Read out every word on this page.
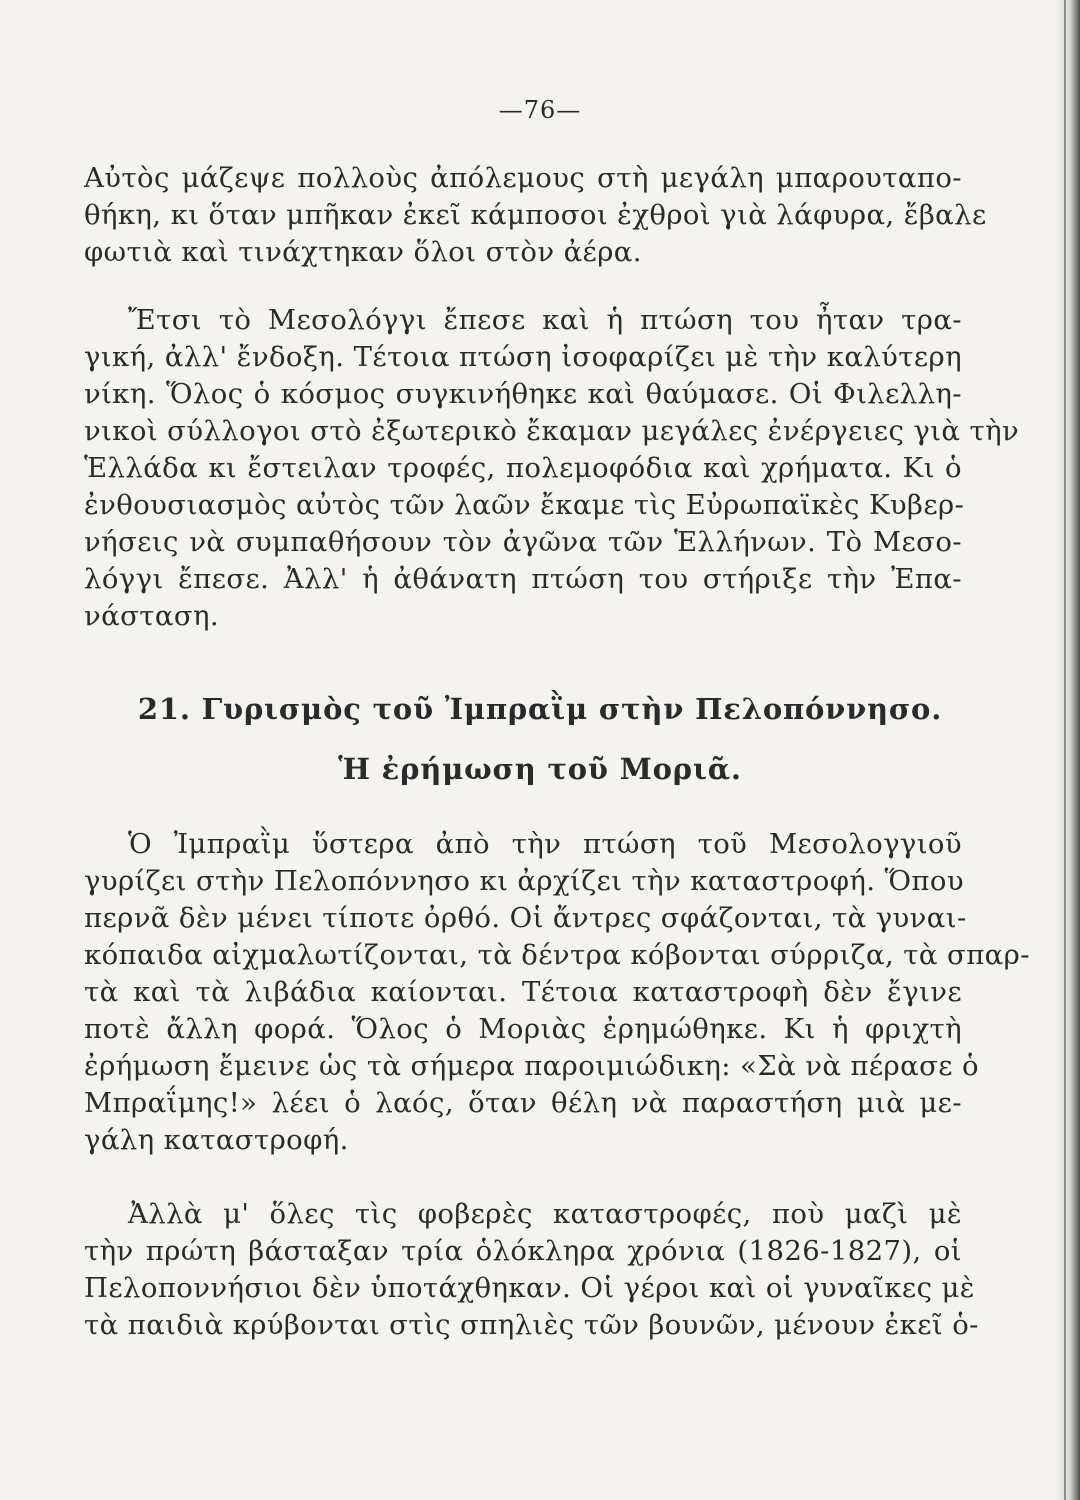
—76—
Αὐτὸς μάζεψε πολλοὺς ἀπόλεμους στὴ μεγάλη μπαρουταπο-
θήκη, κι ὅταν μπῆκαν ἐκεῖ κάμποσοι ἐχθροὶ γιὰ λάφυρα, ἔβαλε
φωτιὰ καὶ τινάχτηκαν ὅλοι στὸν ἀέρα.
Ἔτσι τὸ Μεσολόγγι ἔπεσε καὶ ἡ πτώση του ἦταν τρα-
γική, ἀλλ' ἔνδοξη. Τέτοια πτώση ἰσοφαρίζει μὲ τὴν καλύτερη
νίκη. Ὅλος ὁ κόσμος συγκινήθηκε καὶ θαύμασε. Οἱ Φιλελλη-
νικοὶ σύλλογοι στὸ ἐξωτερικὸ ἔκαμαν μεγάλες ἐνέργειες γιὰ τὴν
Ἑλλάδα κι ἔστειλαν τροφές, πολεμοφόδια καὶ χρήματα. Κι ὁ
ἐνθουσιασμὸς αὐτὸς τῶν λαῶν ἔκαμε τὶς Εὐρωπαϊκὲς Κυβερ-
νήσεις νὰ συμπαθήσουν τὸν ἀγῶνα τῶν Ἑλλήνων. Τὸ Μεσο-
λόγγι ἔπεσε. Ἀλλ' ἡ ἀθάνατη πτώση του στήριξε τὴν Ἐπα-
νάσταση.
21. Γυρισμὸς τοῦ Ἰμπραῒμ στὴν Πελοπόννησο.
Ἡ ἐρήμωση τοῦ Μοριᾶ.
Ὁ Ἰμπραῒμ ὕστερα ἀπὸ τὴν πτώση τοῦ Μεσολογγιοῦ
γυρίζει στὴν Πελοπόννησο κι ἀρχίζει τὴν καταστροφή. Ὅπου
περνᾶ δὲν μένει τίποτε ὀρθό. Οἱ ἄντρες σφάζονται, τὰ γυναι-
κόπαιδα αἰχμαλωτίζονται, τὰ δέντρα κόβονται σύρριζα, τὰ σπαρ-
τὰ καὶ τὰ λιβάδια καίονται. Τέτοια καταστροφὴ δὲν ἔγινε
ποτὲ ἄλλη φορά. Ὅλος ὁ Μοριὰς ἐρημώθηκε. Κι ἡ φριχτὴ
ἐρήμωση ἔμεινε ὡς τὰ σήμερα παροιμιώδικη: «Σὰ νὰ πέρασε ὁ
Μπραΐμης!» λέει ὁ λαός, ὅταν θέλη νὰ παραστήση μιὰ με-
γάλη καταστροφή.
Ἀλλὰ μ' ὅλες τὶς φοβερὲς καταστροφές, ποὺ μαζὶ μὲ
τὴν πρώτη βάσταξαν τρία ὁλόκληρα χρόνια (1826-1827), οἱ
Πελοποννήσιοι δὲν ὑποτάχθηκαν. Οἱ γέροι καὶ οἱ γυναῖκες μὲ
τὰ παιδιὰ κρύβονται στὶς σπηλιὲς τῶν βουνῶν, μένουν ἐκεῖ ὁ-
